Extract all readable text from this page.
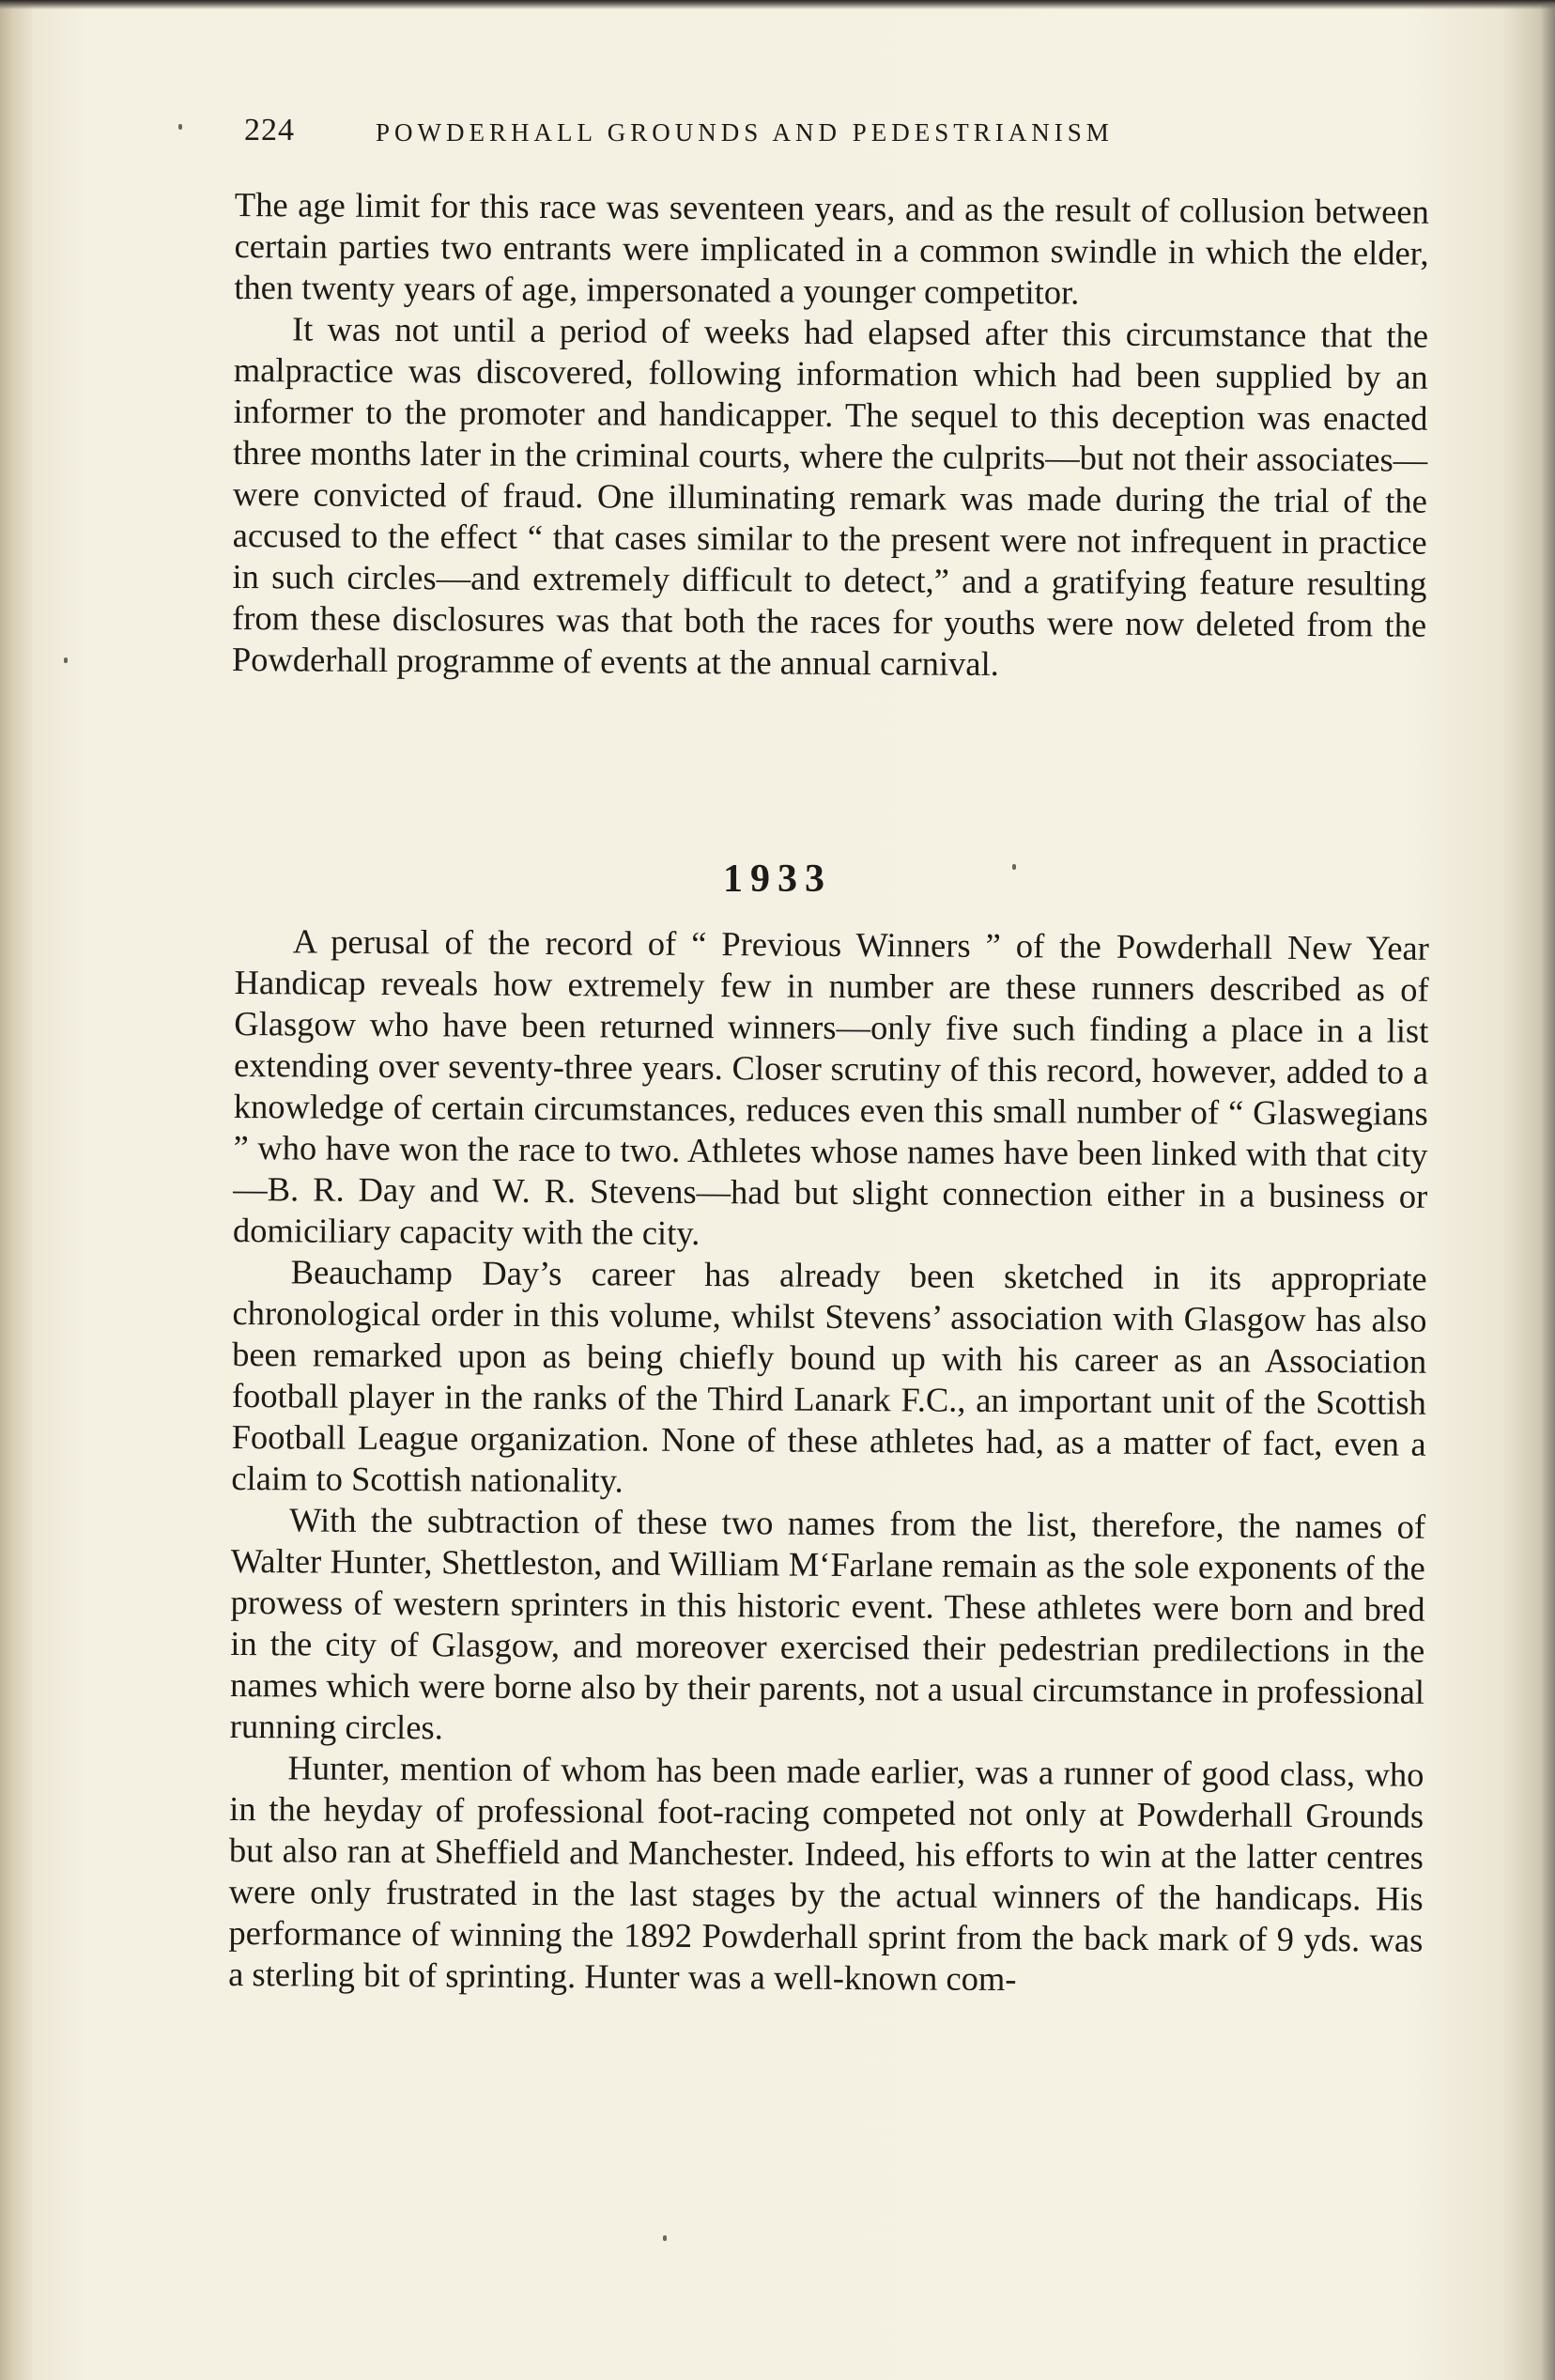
224	POWDERHALL GROUNDS AND PEDESTRIANISM

The age limit for this race was seventeen years, and as the result of collusion between certain parties two entrants were implicated in a common swindle in which the elder, then twenty years of age, impersonated a younger competitor.

It was not until a period of weeks had elapsed after this circumstance that the malpractice was discovered, following information which had been supplied by an informer to the promoter and handicapper. The sequel to this deception was enacted three months later in the criminal courts, where the culprits—but not their associates—were convicted of fraud. One illuminating remark was made during the trial of the accused to the effect “ that cases similar to the present were not infrequent in practice in such circles—and extremely difficult to detect,” and a gratifying feature resulting from these disclosures was that both the races for youths were now deleted from the Powderhall programme of events at the annual carnival.

1933

A perusal of the record of “ Previous Winners ” of the Powderhall New Year Handicap reveals how extremely few in number are these runners described as of Glasgow who have been returned winners—only five such finding a place in a list extending over seventy-three years. Closer scrutiny of this record, however, added to a knowledge of certain circumstances, reduces even this small number of “ Glaswegians ” who have won the race to two. Athletes whose names have been linked with that city—B. R. Day and W. R. Stevens—had but slight connection either in a business or domiciliary capacity with the city.

Beauchamp Day’s career has already been sketched in its appropriate chronological order in this volume, whilst Stevens’ association with Glasgow has also been remarked upon as being chiefly bound up with his career as an Association football player in the ranks of the Third Lanark F.C., an important unit of the Scottish Football League organization. None of these athletes had, as a matter of fact, even a claim to Scottish nationality.

With the subtraction of these two names from the list, therefore, the names of Walter Hunter, Shettleston, and William M‘Farlane remain as the sole exponents of the prowess of western sprinters in this historic event. These athletes were born and bred in the city of Glasgow, and moreover exercised their pedestrian predilections in the names which were borne also by their parents, not a usual circumstance in professional running circles.

Hunter, mention of whom has been made earlier, was a runner of good class, who in the heyday of professional foot-racing competed not only at Powderhall Grounds but also ran at Sheffield and Manchester. Indeed, his efforts to win at the latter centres were only frustrated in the last stages by the actual winners of the handicaps. His performance of winning the 1892 Powderhall sprint from the back mark of 9 yds. was a sterling bit of sprinting. Hunter was a well-known com-
